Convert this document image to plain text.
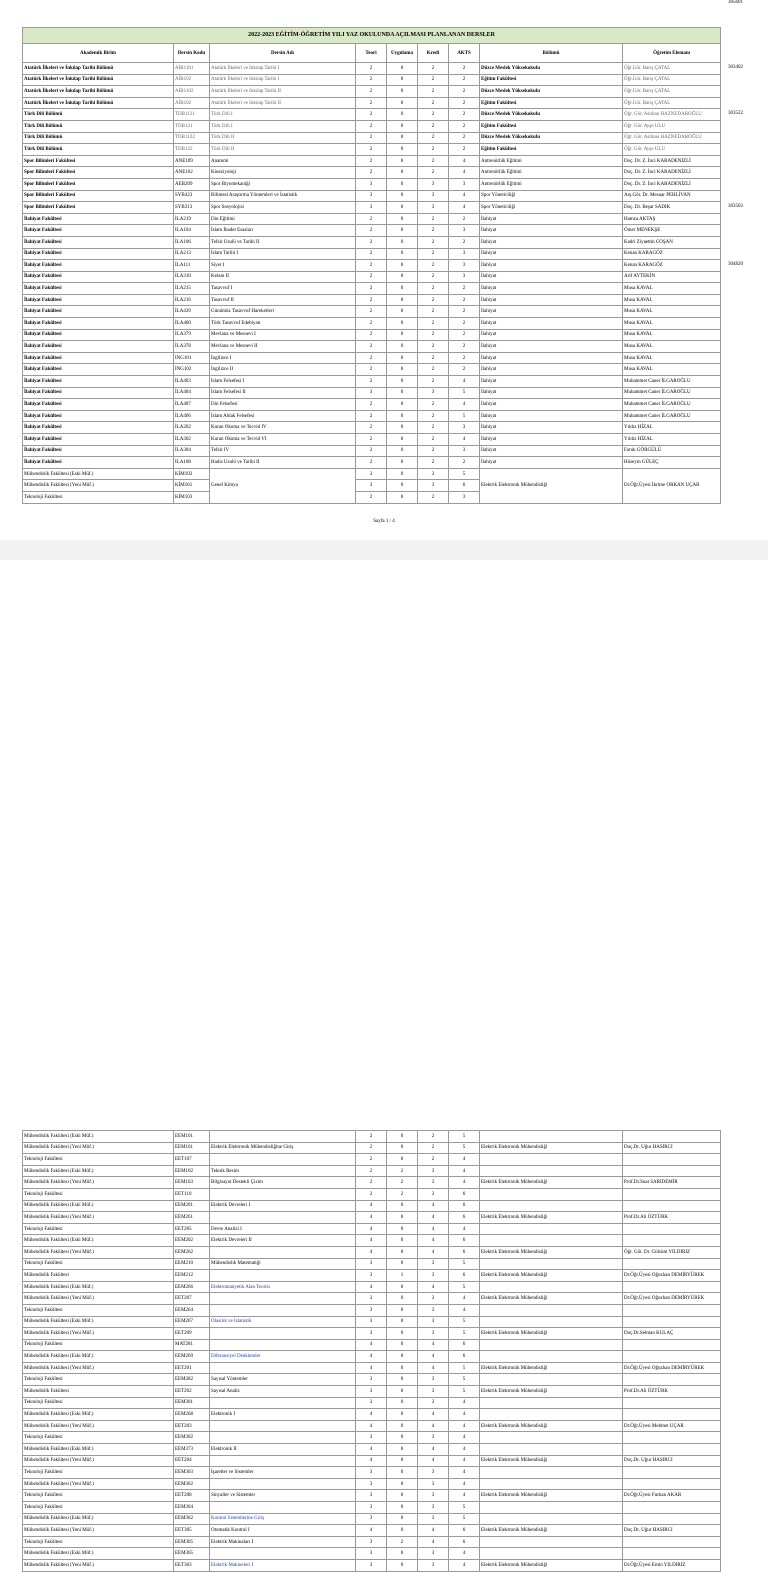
2022-2023 EĞİTİM-ÖĞRETİM YILI YAZ OKULUNDA AÇILMASI PLANLANAN DERSLER								
Akademik Birim	Dersin Kodu	Dersin Adı	Teori	Uygulama	Kredi	AKTS	Bölümü	Öğretim Elemanı
Atatürk İlkeleri ve İnkılap Tarihi Bölümü	AİB1101	Atatürk İlkeleri ve İnkılap Tarihi I	2	0	2	2	Düzce Meslek Yüksekokulu	Öğr.Gör. Barış ÇATAL
Atatürk İlkeleri ve İnkılap Tarihi Bölümü	AİB102	Atatürk İlkeleri ve İnkılap Tarihi I	2	0	2	2	Eğitim Fakültesi	Öğr.Gör. Barış ÇATAL
Atatürk İlkeleri ve İnkılap Tarihi Bölümü	AİB1102	Atatürk İlkeleri ve İnkılap Tarihi II	2	0	2	2	Düzce Meslek Yüksekokulu	Öğr.Gör. Barış ÇATAL
Atatürk İlkeleri ve İnkılap Tarihi Bölümü	AİB102	Atatürk İlkeleri ve İnkılap Tarihi II	2	0	2	2	Eğitim Fakültesi	Öğr.Gör. Barış ÇATAL
Türk Dili Bölümü	TDB1121	Türk Dili I	2	0	2	2	Düzce Meslek Yüksekokulu	Öğr. Gör. Aslıhan HAZNEDAROĞLU
Türk Dili Bölümü	TDB121	Türk Dili I	2	0	2	2	Eğitim Fakültesi	Öğr. Gör. Ayşe ULU
Türk Dili Bölümü	TDB1122	Türk Dili II	2	0	2	2	Düzce Meslek Yüksekokulu	Öğr. Gör. Aslıhan HAZNEDAROĞLU
Türk Dili Bölümü	TDB122	Türk Dili II	2	0	2	2	Eğitim Fakültesi	Öğr. Gör. Ayşe ULU
Spor Bilimleri Fakültesi	ANE109	Anatomi	2	0	2	4	Antrenörlük Eğitimi	Doç. Dr. Z. İnci KARADENİZLİ
Spor Bilimleri Fakültesi	ANE102	Kineziyoloji	2	0	2	4	Antrenörlük Eğitimi	Doç. Dr. Z. İnci KARADENİZLİ
Spor Bilimleri Fakültesi	AEB209	Spor Biyomekaniği	3	0	3	3	Antrenörlük Eğitimi	Doç. Dr. Z. İnci KARADENİZLİ
Spor Bilimleri Fakültesi	SYB423	Bilimsel Araştırma Yöntemleri ve İstatistik	3	0	3	4	Spor Yöneticiliği	Arş.Gör. Dr. Mesuar PEHLİVAN
Spor Bilimleri Fakültesi	SYB313	Spor Sosyolojisi	3	0	3	4	Spor Yöneticiliği	Doç. Dr. Beşar SADIK
İlahiyat Fakültesi	İLA219	Din Eğitimi	2	0	2	2	İlahiyat	Hamza AKTAŞ
İlahiyat Fakültesi	İLA104	İslam İbadet Esasları	2	0	2	3	İlahiyat	Ömer MENEKŞE
İlahiyat Fakültesi	İLA106	Tefsir Usulü ve Tarihi II	2	0	2	2	İlahiyat	Kadri Ziyaettin COŞAN
İlahiyat Fakültesi	İLA213	İslam Tarihi I	2	0	2	3	İlahiyat	Kenan KARAGÖZ
İlahiyat Fakültesi	İLA111	Siyer I	2	0	2	3	İlahiyat	Kenan KARAGÖZ
İlahiyat Fakültesi	İLA310	Kelam II	2	0	2	3	İlahiyat	Arif AYTEKİN
İlahiyat Fakültesi	İLA215	Tasavvuf I	2	0	2	2	İlahiyat	Musa KAVAL
İlahiyat Fakültesi	İLA216	Tasavvuf II	2	0	2	2	İlahiyat	Musa KAVAL
İlahiyat Fakültesi	İLA439	Günümüz Tasavvuf Hareketleri	2	0	2	2	İlahiyat	Musa KAVAL
İlahiyat Fakültesi	İLA460	Türk Tasavvuf Edebiyatı	2	0	2	2	İlahiyat	Musa KAVAL
İlahiyat Fakültesi	İLA379	Mevlana ve Mesnevi I	2	0	2	2	İlahiyat	Musa KAVAL
İlahiyat Fakültesi	İLA378	Mevlana ve Mesnevi II	2	0	2	2	İlahiyat	Musa KAVAL
İlahiyat Fakültesi	İNG101	İngilizce I	2	0	2	2	İlahiyat	Musa KAVAL
İlahiyat Fakültesi	İNG102	İngilizce II	2	0	2	2	İlahiyat	Musa KAVAL
İlahiyat Fakültesi	İLA403	İslam Felsefesi I	2	0	2	4	İlahiyat	Muhammet Caner İLGAROĞLU
İlahiyat Fakültesi	İLA404	İslam Felsefesi II	3	0	3	5	İlahiyat	Muhammet Caner İLGAROĞLU
İlahiyat Fakültesi	İLA407	Din Felsefesi	2	0	2	4	İlahiyat	Muhammet Caner İLGAROĞLU
İlahiyat Fakültesi	İLA406	İslam Ahlak Felsefesi	2	0	2	5	İlahiyat	Muhammet Caner İLGAROĞLU
İlahiyat Fakültesi	İLA202	Kuran Okuma ve Tecvid IV	2	0	2	3	İlahiyat	Yıldız HİZAL
İlahiyat Fakültesi	İLA302	Kuran Okuma ve Tecvid VI	2	0	2	4	İlahiyat	Yıldız HİZAL
İlahiyat Fakültesi	İLA304	Tefsir IV	2	0	2	3	İlahiyat	Faruk GÖRGÜLÜ
İlahiyat Fakültesi	İLA108	Hadis Usulü ve Tarihi II	2	0	2	2	İlahiyat	Hüseyin GÜLEÇ
Mühendislik Fakültesi (Eski Müf.)	KİM102	Genel Kimya	3	0	3	5	Elektrik Elektronik Mühendisliği	Dr.Öğr.Üyesi İkrime ORKAN UÇAR
Mühendislik Fakültesi (Yeni Müf.)	KİM161		3	0	3	6		
Teknoloji Fakültesi	KİM103		2	0	2	3		
303402
303522
303503
304820
305601
Sayfa 1 / 4
Mühendislik Fakültesi (Eski Müf.)	EEM101		2	0	2	5		
Mühendislik Fakültesi (Yeni Müf.)	EEM161	Elektrik Elektronik Mühendisliğine Giriş	2	0	2	5	Elektrik Elektronik Mühendisliği	Doç.Dr. Uğur HASIRCI
Teknoloji Fakültesi	EET107		2	0	2	4		
Mühendislik Fakültesi (Eski Müf.)	EEM102	Teknik Resim	2	2	3	4		
Mühendislik Fakültesi (Yeni Müf.)	EEM163	Bilgisayar Destekli Çizim	2	2	3	4	Elektrik Elektronik Mühendisliği	Prof.Dr.Suat SARIDEMİR
Teknoloji Fakültesi	EET110		2	2	3	6		
Mühendislik Fakültesi (Eski Müf.)	EEM201	Elektrik Devreleri I	4	0	4	6		
Mühendislik Fakültesi (Yeni Müf.)	EEM261		4	0	4	6	Elektrik Elektronik Mühendisliği	Prof.Dr.Ali ÖZTÜRK
Teknoloji Fakültesi	EET205	Devre Analizi I	4	0	4	4		
Mühendislik Fakültesi (Eski Müf.)	EEM202	Elektrik Devreleri II	4	0	4	6		
Mühendislik Fakültesi (Yeni Müf.)	EEM262		4	0	4	6	Elektrik Elektronik Mühendisliği	Öğr. Gör. Dr. Gülsüm YILDIRIZ
Teknoloji Fakültesi	EEM210	Mühendislik Matematiği	3	0	3	5		
Mühendislik Fakültesi	EEM212		3	1	3	6	Elektrik Elektronik Mühendisliği	Dr.Öğr.Üyesi Oğuzhan DEMİRYÜREK
Mühendislik Fakültesi (Eski Müf.)	EEM266	Elektromanyetik Alan Teorisi	4	0	4	5		
Mühendislik Fakültesi (Yeni Müf.)	EET207		3	0	3	4	Elektrik Elektronik Mühendisliği	Dr.Öğr.Üyesi Oğuzhan DEMİRYÜREK
Teknoloji Fakültesi	EEM264		3	0	3	4		
Mühendislik Fakültesi (Eski Müf.)	EEM267	Olasılık ve İstatistik	3	0	3	5		
Mühendislik Fakültesi (Yeni Müf.)	EET209		3	0	3	5	Elektrik Elektronik Mühendisliği	Doç.Dr.Selman KULAÇ
Teknoloji Fakültesi	MAT281		4	0	4	6		
Mühendislik Fakültesi (Eski Müf.)	EEM269	Diferansiyel Denklemler	4	0	4	6		
Mühendislik Fakültesi (Yeni Müf.)	EET201		4	0	4	5	Elektrik Elektronik Mühendisliği	Dr.Öğr.Üyesi Oğuzhan DEMİRYÜREK
Teknoloji Fakültesi	EEM282	Sayısal Yöntemler	3	0	3	5		
Mühendislik Fakültesi	EET202	Sayısal Analiz	3	0	3	5	Elektrik Elektronik Mühendisliği	Prof.Dr.Ali ÖZTÜRK
Teknoloji Fakültesi	EEM301		3	0	3	4		
Mühendislik Fakültesi (Eski Müf.)	EEM268	Elektronik I	4	0	4	4		
Mühendislik Fakültesi (Yeni Müf.)	EET203		4	0	4	4	Elektrik Elektronik Mühendisliği	Dr.Öğr.Üyesi Mehmet UÇAR
Teknoloji Fakültesi	EEM302		3	0	3	4		
Mühendislik Fakültesi (Eski Müf.)	EEM373	Elektronik II	4	0	4	4		
Mühendislik Fakültesi (Yeni Müf.)	EET204		4	0	4	4	Elektrik Elektronik Mühendisliği	Doç.Dr. Uğur HASIRCI
Teknoloji Fakültesi	EEM303	İşaretler ve Sistemler	3	0	3	4		
Mühendislik Fakültesi (Yeni Müf.)	EEM362		3	0	3	4		
Teknoloji Fakültesi	EET208	Sinyaller ve Sistemler	3	0	3	4	Elektrik Elektronik Mühendisliği	Dr.Öğr.Üyesi Furkan AKAR
Teknoloji Fakültesi	EEM304		3	0	3	5		
Mühendislik Fakültesi (Eski Müf.)	EEM362	Kontrol Sistemlerine Giriş	3	0	3	5		
Mühendislik Fakültesi (Yeni Müf.)	EET305	Otomatik Kontrol I	4	0	4	6	Elektrik Elektronik Mühendisliği	Doç.Dr. Uğur HASIRCI
Teknoloji Fakültesi	EEM305	Elektrik Makinaları I	3	2	4	6		
Mühendislik Fakültesi (Eski Müf.)	EEM365		3	0	3	4		
Mühendislik Fakültesi (Yeni Müf.)	EET303	Elektrik Makineleri I	3	0	3	4	Elektrik Elektronik Mühendisliği	Dr.Öğr.Üyesi Emin YILDIRIZ
